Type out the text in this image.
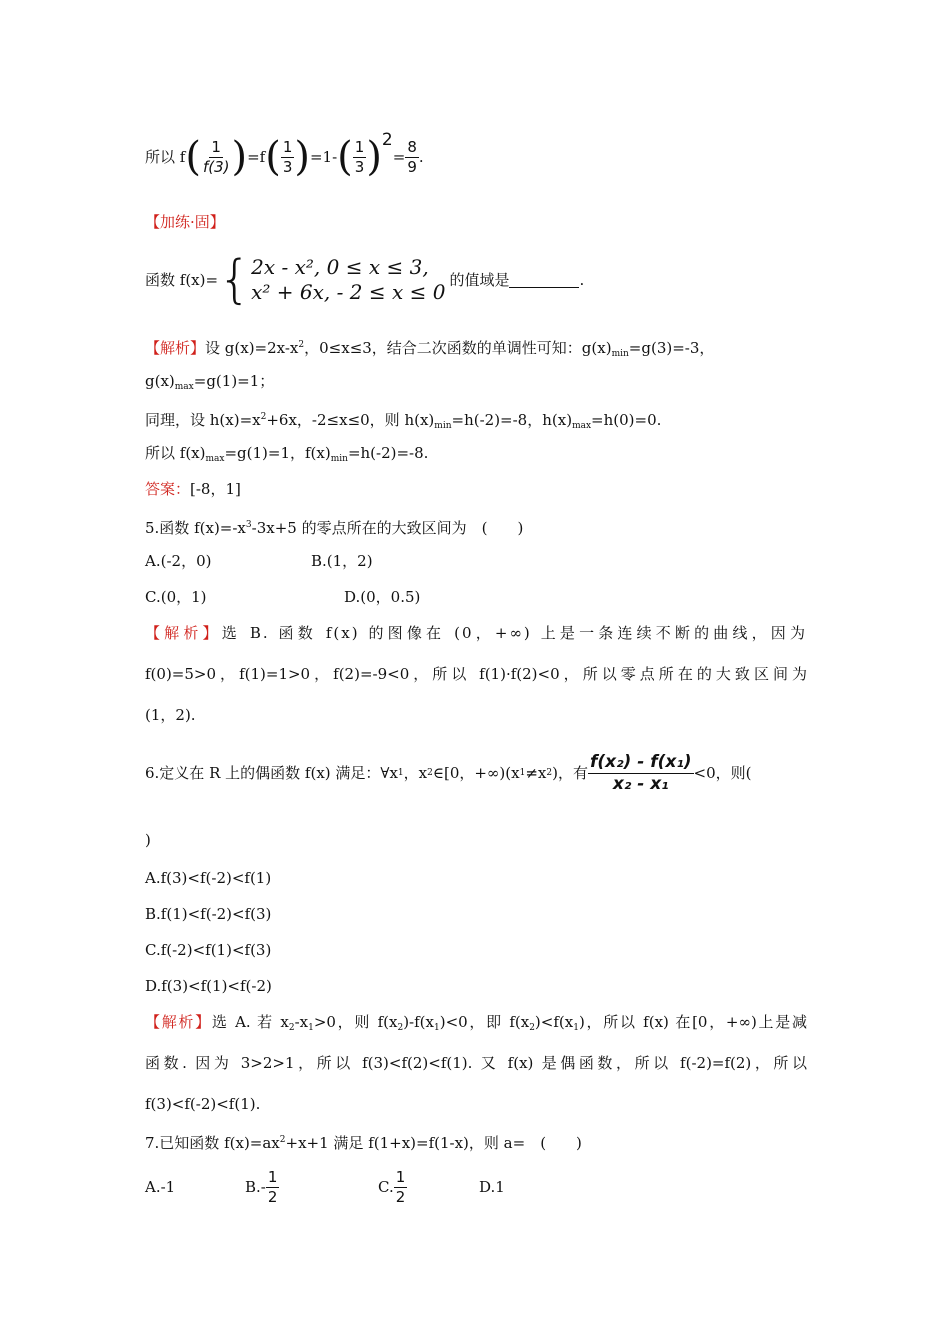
所以 f ( $\frac{1}{f(3)}$ ) =f ( $\frac{1}{3}$ ) =1- ( $\frac{1}{3}$ ) 2
= $\frac{8}{9}$ .
【加练·固】
函数 f(x)= { 2x - x², 0 ≤ x ≤ 3,
x² + 6x, - 2 ≤ x ≤ 0 的值域是	.
【解析】设 $g(x)=2x-x^2$，0≤x≤3，结合二次函数的单调性可知：$g(x)_{min}=g(3)=-3$，
$g(x)_{max}=g(1)=1$；
同理，设 $h(x)=x^2+6x$，-2≤x≤0，则 $h(x)_{min}=h(-2)=-8$，$h(x)_{max}=h(0)=0$.
所以 $f(x)_{max}=g(1)=1$，$f(x)_{min}=h(-2)=-8$.
答案：[-8，1]
5.函数 $f(x)=-x^3-3x+5$ 的零点所在的大致区间为　(　　)
A.(-2，0)	B.(1，2)
C.(0，1)	D.(0，0.5)
【解析】选 B. 函数 f(x) 的图像在 (0，+∞) 上是一条连续不断的曲线，因为
f(0)=5>0，f(1)=1>0，f(2)=-9<0，所以 f(1)·f(2)<0，所以零点所在的大致区间为
(1，2).
6.定义在 R 上的偶函数 f(x) 满足：∀x 1 ，x 2 ∈[0，+∞)(x 1 ≠x 2 )，有 $\frac{\text{f(x₂) - f(x₁)}}{\text{x₂ - x₁}} <0$，则(
)
A.f(3)<f(-2)<f(1)
B.f(1)<f(-2)<f(3)
C.f(-2)<f(1)<f(3)
D.f(3)<f(1)<f(-2)
【解析】选 A. 若 $x_2-x_1>0$，则 $f(x_2)-f(x_1)<0$，即 $f(x_2)<f(x_1)$，所以 f(x) 在[0，+∞)上是减
函数. 因为 3>2>1，所以 f(3)<f(2)<f(1). 又 f(x) 是偶函数，所以 f(-2)=f(2)，所以
f(3)<f(-2)<f(1).
7.已知函数 $f(x)=ax^2+x+1$ 满足 f(1+x)=f(1-x)，则 a=　(　　)
A.-1	$B.- \frac{1}{2}$	C. $\frac{1}{2}$	D.1
